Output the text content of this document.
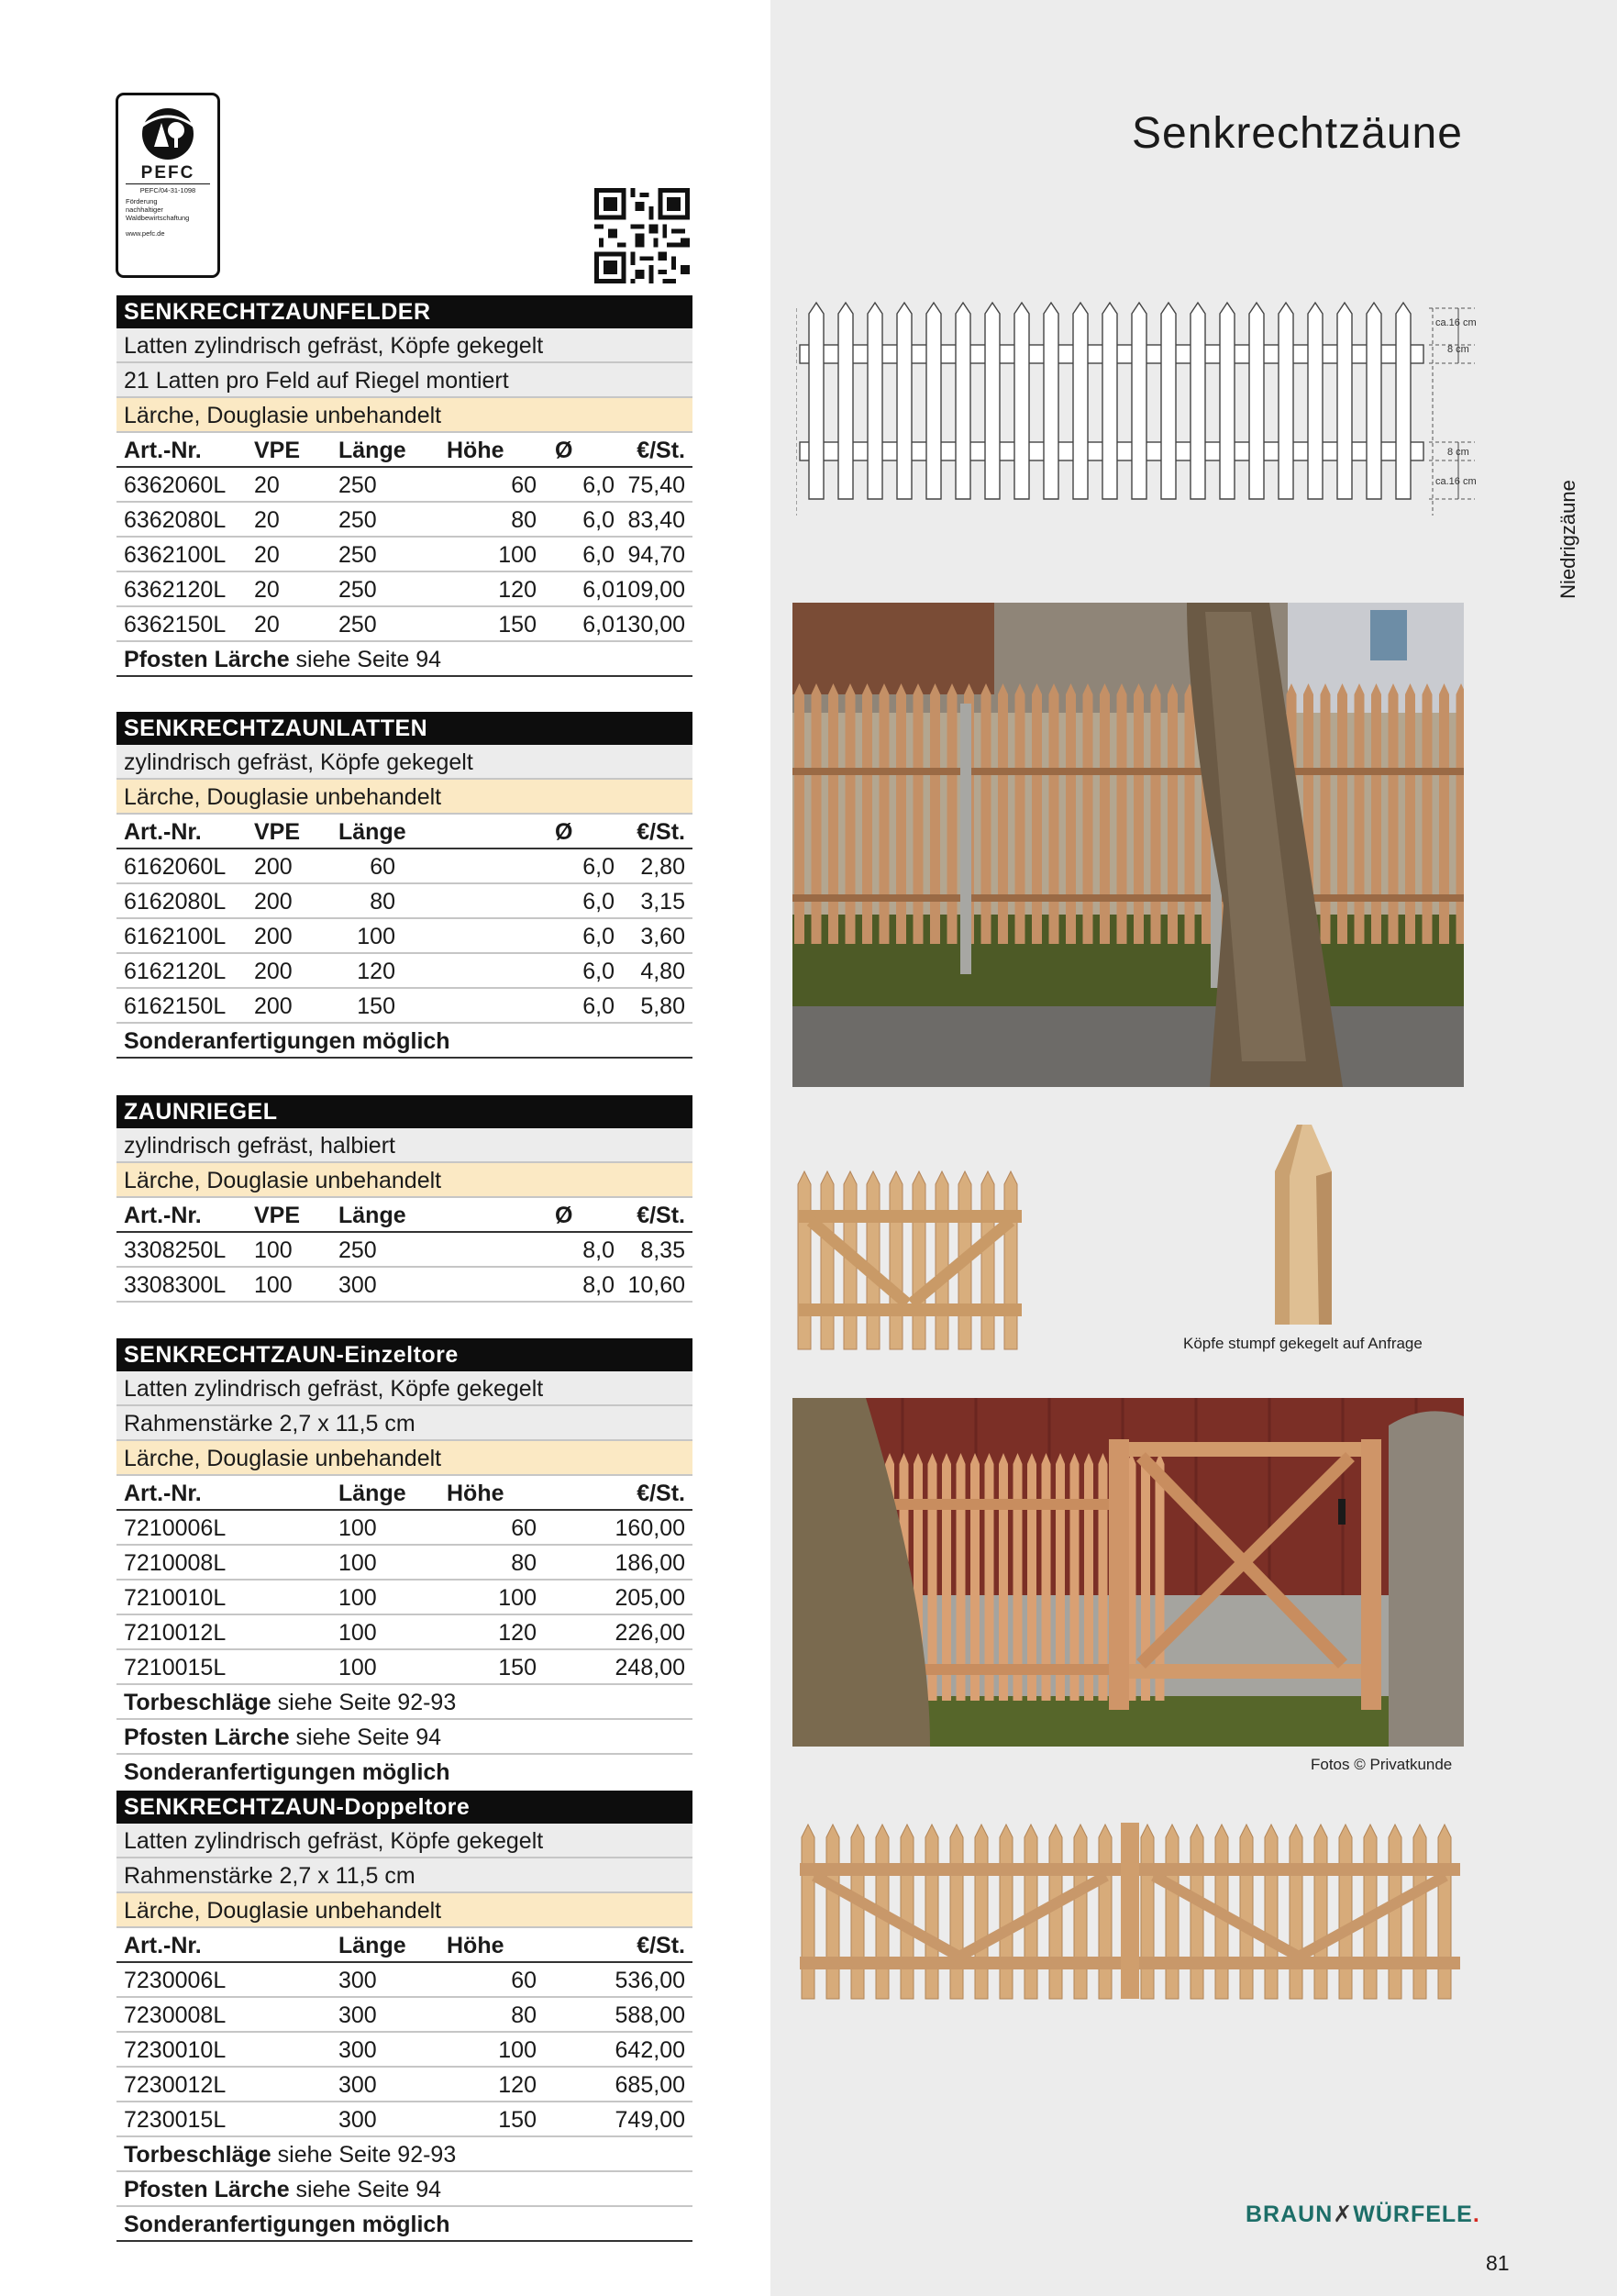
Senkrechtzäune
Niedrigzäune
PEFC
PEFC/04-31-1098
Förderung
nachhaltiger
Waldbewirtschaftung
www.pefc.de
SENKRECHTZAUNFELDER
Latten zylindrisch gefräst, Köpfe gekegelt
21 Latten pro Feld auf Riegel montiert
Lärche, Douglasie unbehandelt
Art.-Nr. VPE Länge Höhe Ø	€/St.
6362060L 20	250	60	6,0 75,40
6362080L 20	250	80	6,0 83,40
6362100L 20	250	100	6,0 94,70
6362120L 20	250	120	6,0 109,00
6362150L 20	250	150	6,0 130,00
Pfosten Lärche siehe Seite 94
SENKRECHTZAUNLATTEN
zylindrisch gefräst, Köpfe gekegelt
Lärche, Douglasie unbehandelt
Art.-Nr. VPE Länge	Ø	€/St.
6162060L 200	60	6,0 2,80
6162080L 200	80	6,0 3,15
6162100L 200	100	6,0 3,60
6162120L 200	120	6,0 4,80
6162150L 200	150	6,0 5,80
Sonderanfertigungen möglich
ZAUNRIEGEL
zylindrisch gefräst, halbiert
Lärche, Douglasie unbehandelt
Art.-Nr. VPE Länge	Ø	€/St.
3308250L 100 250	8,0 8,35
3308300L 100 300	8,0 10,60
SENKRECHTZAUN-Einzeltore
Latten zylindrisch gefräst, Köpfe gekegelt
Rahmenstärke 2,7 x 11,5 cm
Lärche, Douglasie unbehandelt
Art.-Nr.	Länge Höhe	€/St.
7210006L	100	60	160,00
7210008L	100	80	186,00
7210010L	100	100	205,00
7210012L	100	120	226,00
7210015L	100	150	248,00
Torbeschläge siehe Seite 92-93
Pfosten Lärche siehe Seite 94
Sonderanfertigungen möglich
SENKRECHTZAUN-Doppeltore
Latten zylindrisch gefräst, Köpfe gekegelt
Rahmenstärke 2,7 x 11,5 cm
Lärche, Douglasie unbehandelt
Art.-Nr.	Länge Höhe	€/St.
7230006L	300	60	536,00
7230008L	300	80	588,00
7230010L	300	100	642,00
7230012L	300	120	685,00
7230015L	300	150	749,00
Torbeschläge siehe Seite 92-93
Pfosten Lärche siehe Seite 94
Sonderanfertigungen möglich
ca.16 cm
8 cm
8 cm
ca.16 cm
Köpfe stumpf gekegelt auf Anfrage
Fotos © Privatkunde
BRAUN✗WÜRFELE.
81
